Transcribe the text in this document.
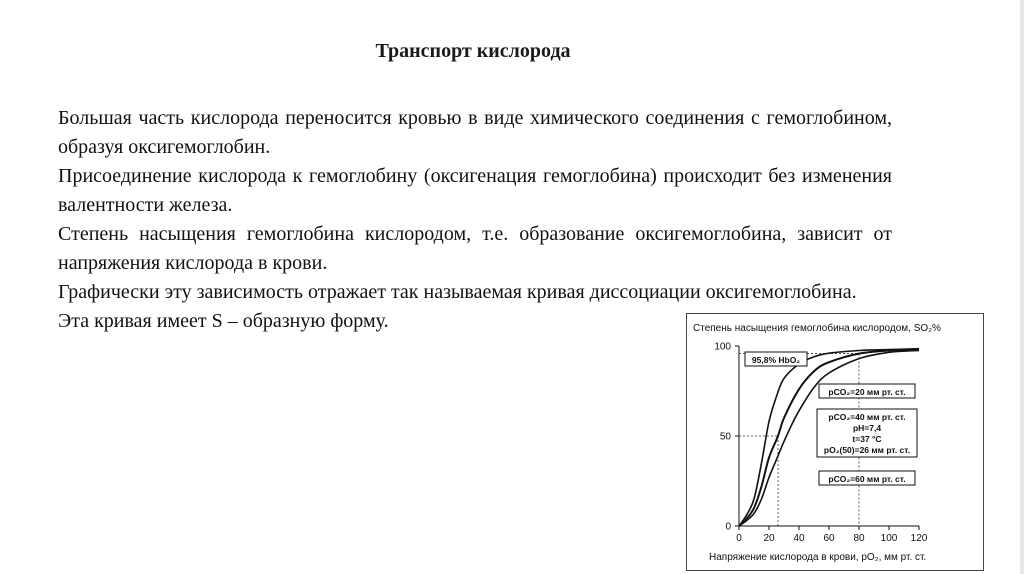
Транспорт кислорода

Большая часть кислорода переносится кровью в виде химического соединения с гемоглобином, образуя оксигемоглобин.

Присоединение кислорода к гемоглобину (оксигенация гемоглобина) происходит без изменения валентности железа.

Степень насыщения гемоглобина кислородом, т.е. образование оксигемоглобина, зависит от напряжения кислорода в крови.

Графически эту зависимость отражает так называемая кривая диссоциации оксигемоглобина.

Эта кривая имеет S – образную форму.	Степень насыщения гемоглобина кислородом, SO₂%
0 20 40 60 80 100 120
0
50
100
95,8% HbO₂
pCO₂=20 мм рт. ст.
pCO₂=40 мм рт. ст.
pH=7,4
t=37 °C
pO₂(50)=26 мм рт. ст.
pCO₂=60 мм рт. ст.
Напряжение кислорода в крови, pO₂, мм рт. ст.
